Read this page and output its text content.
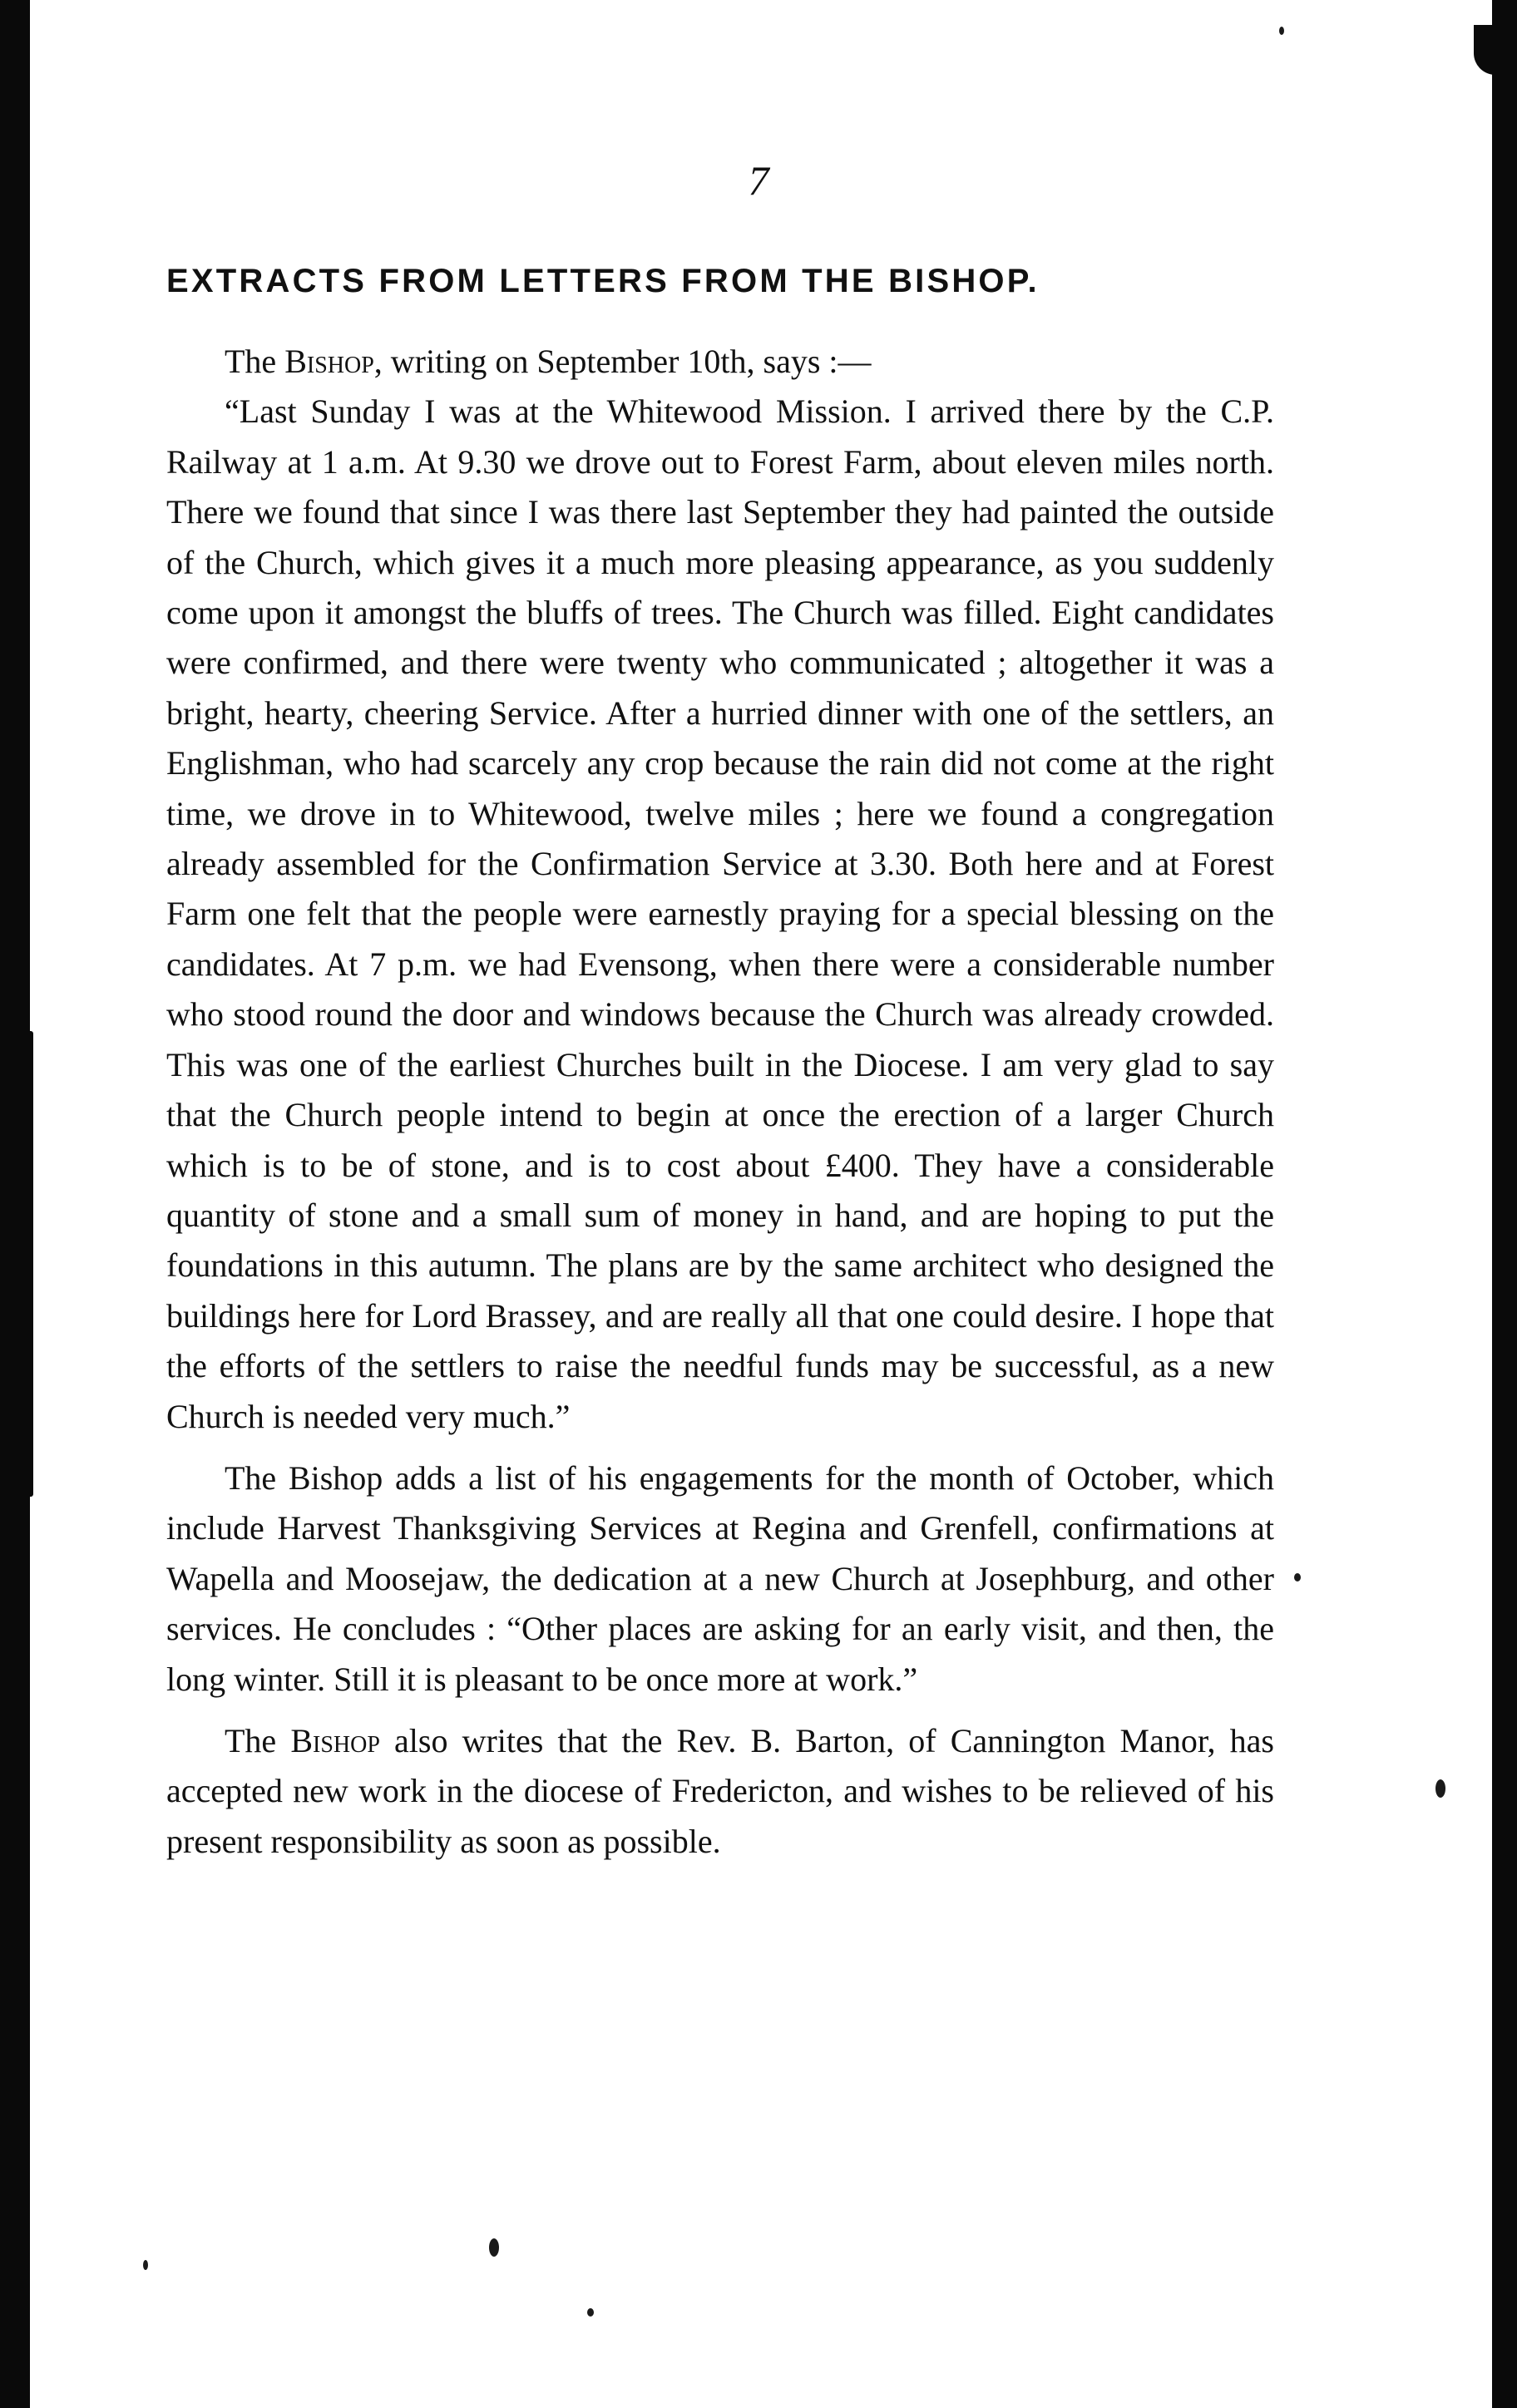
7
EXTRACTS FROM LETTERS FROM THE BISHOP.

The Bishop, writing on September 10th, says :—

“Last Sunday I was at the Whitewood Mission. I arrived there by the C.P. Railway at 1 a.m. At 9.30 we drove out to Forest Farm, about eleven miles north. There we found that since I was there last September they had painted the outside of the Church, which gives it a much more pleasing appearance, as you suddenly come upon it amongst the bluffs of trees. The Church was filled. Eight candidates were confirmed, and there were twenty who communicated ; altogether it was a bright, hearty, cheering Service. After a hurried dinner with one of the settlers, an Englishman, who had scarcely any crop because the rain did not come at the right time, we drove in to Whitewood, twelve miles ; here we found a congregation already assembled for the Confirmation Service at 3.30. Both here and at Forest Farm one felt that the people were earnestly praying for a special blessing on the candidates. At 7 p.m. we had Evensong, when there were a considerable number who stood round the door and windows because the Church was already crowded. This was one of the earliest Churches built in the Diocese. I am very glad to say that the Church people intend to begin at once the erection of a larger Church which is to be of stone, and is to cost about £400. They have a considerable quantity of stone and a small sum of money in hand, and are hoping to put the foundations in this autumn. The plans are by the same architect who designed the buildings here for Lord Brassey, and are really all that one could desire. I hope that the efforts of the settlers to raise the needful funds may be successful, as a new Church is needed very much.”

The Bishop adds a list of his engagements for the month of October, which include Harvest Thanksgiving Services at Regina and Grenfell, confirmations at Wapella and Moosejaw, the dedication at a new Church at Josephburg, and other services. He concludes : “Other places are asking for an early visit, and then, the long winter. Still it is pleasant to be once more at work.”

The Bishop also writes that the Rev. B. Barton, of Cannington Manor, has accepted new work in the diocese of Fredericton, and wishes to be relieved of his present responsibility as soon as possible.
